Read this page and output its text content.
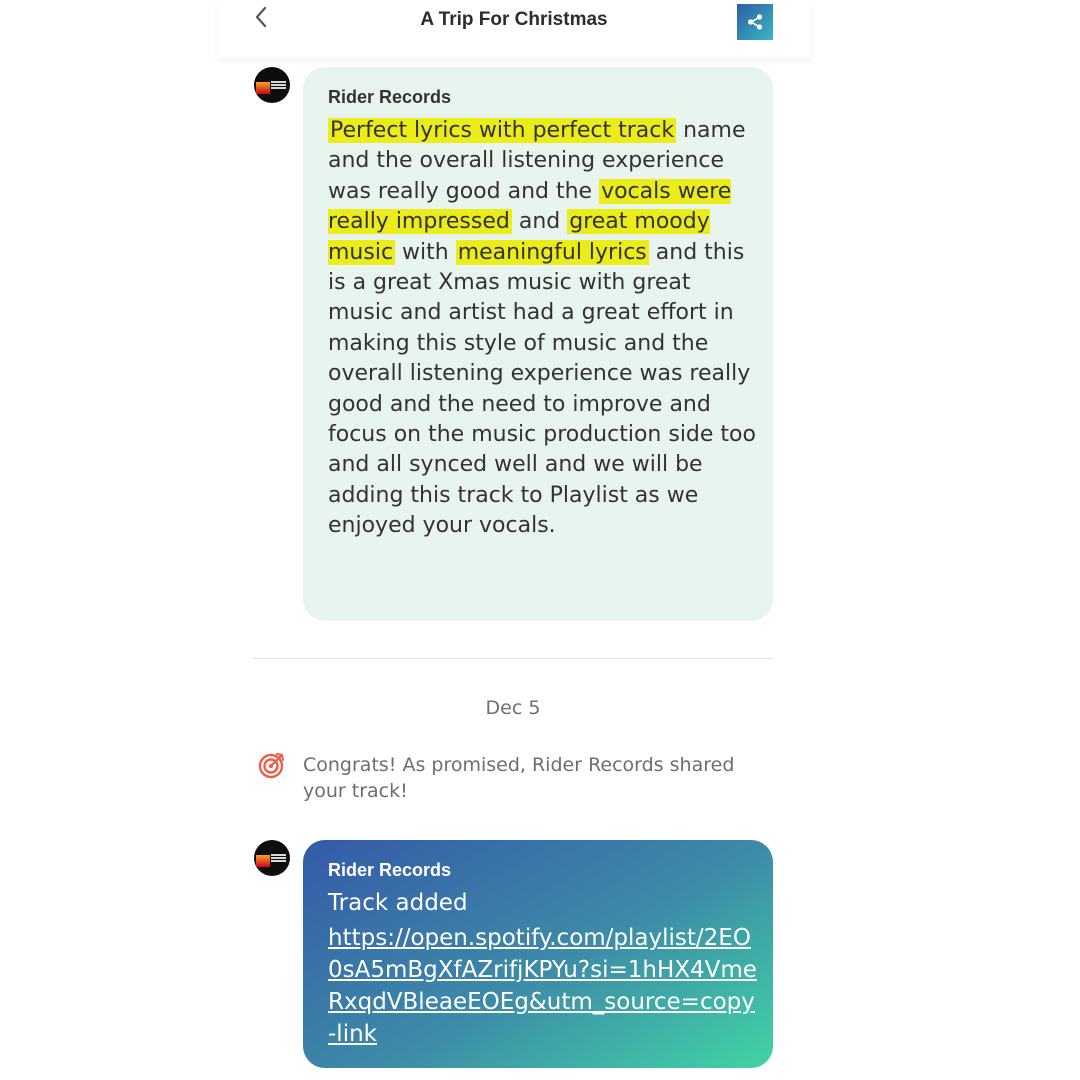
A Trip For Christmas
Rider Records
Perfect lyrics with perfect track name and the overall listening experience was really good and the vocals were really impressed and great moody music with meaningful lyrics and this is a great Xmas music with great music and artist had a great effort in making this style of music and the overall listening experience was really good and the need to improve and focus on the music production side too and all synced well and we will be adding this track to Playlist as we enjoyed your vocals.
Dec 5
Congrats! As promised, Rider Records shared your track!
Rider Records
Track added
https://open.spotify.com/playlist/2EO0sA5mBgXfAZrifjKPYu?si=1hHX4VmeRxqdVBleaeEOEg&utm_source=copy-link
